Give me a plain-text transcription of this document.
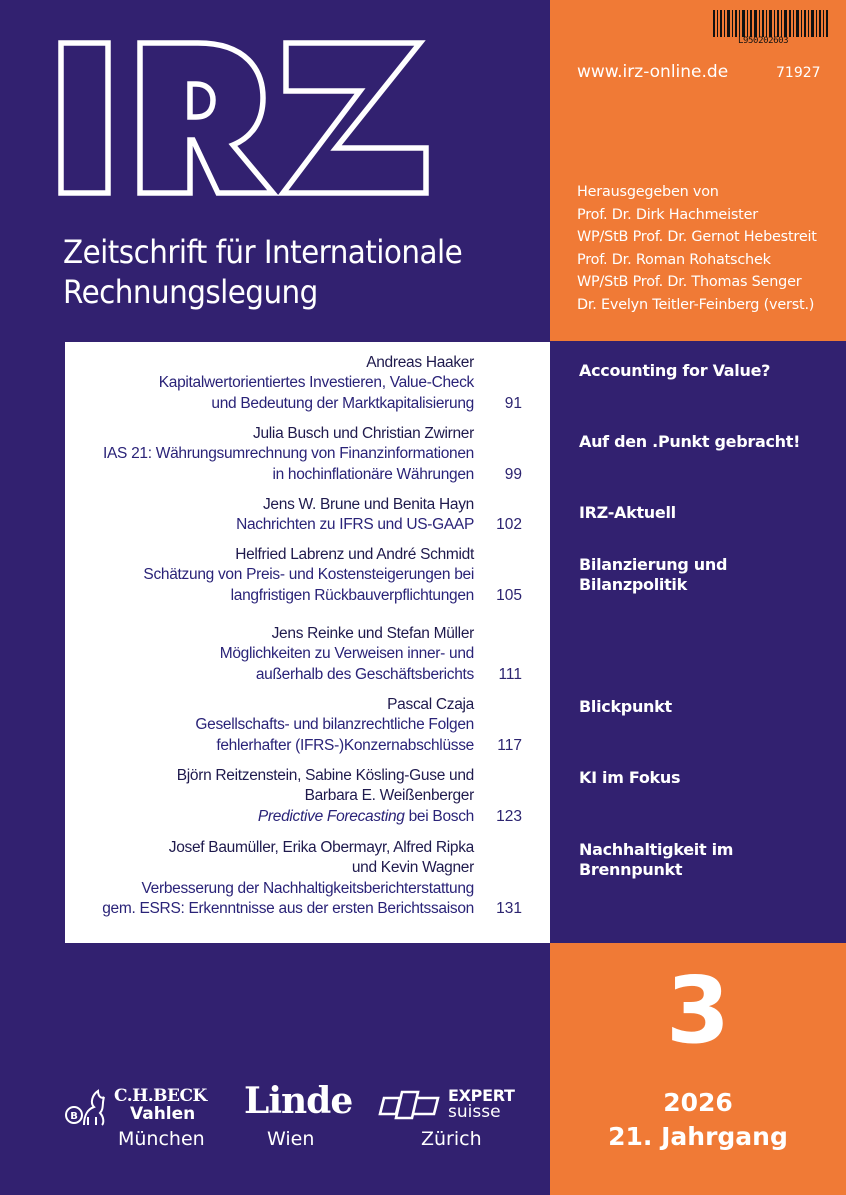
Zeitschrift für Internationale
Rechnungslegung
L950202603
www.irz-online.de	71927
Herausgegeben von
Prof. Dr. Dirk Hachmeister
WP/StB Prof. Dr. Gernot Hebestreit
Prof. Dr. Roman Rohatschek
WP/StB Prof. Dr. Thomas Senger
Dr. Evelyn Teitler-Feinberg (verst.)
Andreas Haaker
Kapitalwertorientiertes Investieren, Value-Check
und Bedeutung der Marktkapitalisierung 91
Julia Busch und Christian Zwirner
IAS 21: Währungsumrechnung von Finanzinformationen
in hochinflationäre Währungen 99
Jens W. Brune und Benita Hayn
Nachrichten zu IFRS und US-GAAP 102
Helfried Labrenz und André Schmidt
Schätzung von Preis- und Kostensteigerungen bei
langfristigen Rückbauverpflichtungen 105
Jens Reinke und Stefan Müller
Möglichkeiten zu Verweisen inner- und
außerhalb des Geschäftsberichts 111
Pascal Czaja
Gesellschafts- und bilanzrechtliche Folgen
fehlerhafter (IFRS-)Konzernabschlüsse 117
Björn Reitzenstein, Sabine Kösling-Guse und
Barbara E. Weißenberger
Predictive Forecasting bei Bosch 123
Josef Baumüller, Erika Obermayr, Alfred Ripka
und Kevin Wagner
Verbesserung der Nachhaltigkeitsberichterstattung
gem. ESRS: Erkenntnisse aus der ersten Berichtssaison 131
Accounting for Value?
Auf den .Punkt gebracht!
IRZ-Aktuell
Bilanzierung und
Bilanzpolitik
Blickpunkt
KI im Fokus
Nachhaltigkeit im
Brennpunkt
3
2026
21. Jahrgang
B
C.H.BECK
Vahlen
München
Linde
Wien
EXPERT
suisse
Zürich
